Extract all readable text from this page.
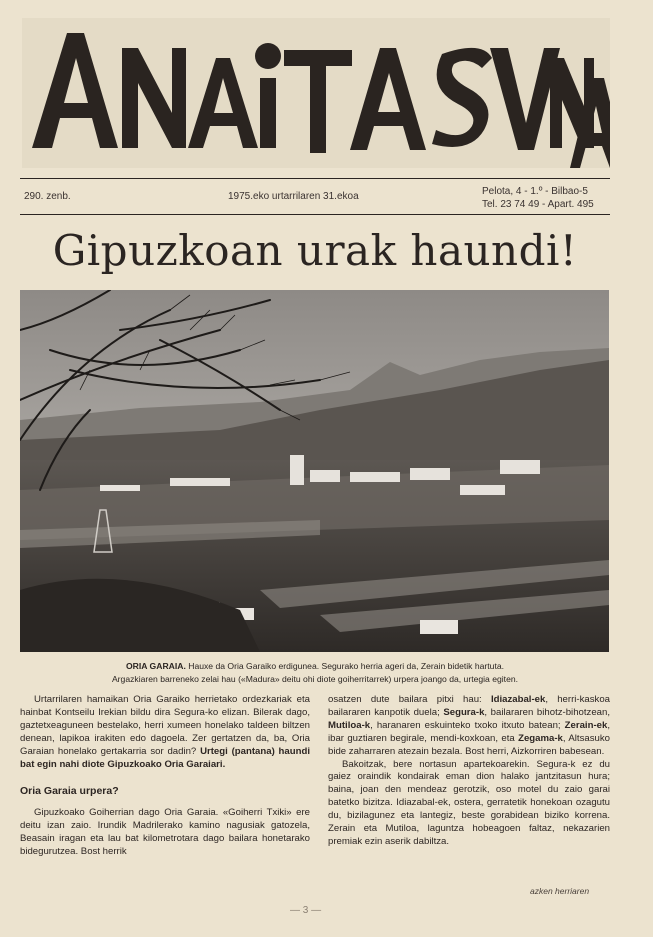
290. zenb.	1975.eko urtarrilaren 31.ekoa	Pelota, 4 - 1.º - Bilbao-5
Tel. 23 74 49 - Apart. 495
Gipuzkoan urak haundi!
ORIA GARAIA. Hauxe da Oria Garaiko erdigunea. Segurako herria ageri da, Zerain bidetik hartuta.
Argazkiaren barreneko zelai hau («Madura» deitu ohi diote goiherritarrek) urpera joango da, urtegia egiten.

Urtarrilaren hamaikan Oria Garaiko herrietako ordezkariak eta hainbat Kontseilu Irekian bildu dira Segura-ko elizan. Bilerak dago, gaztetxeaguneen bestelako, herri xumeen honelako taldeen biltzen denean, lapikoa irakiten edo dagoela. Zer gertatzen da, ba, Oria Garaian honelako gertakarria sor dadin? Urtegi (pantana) haundi bat egin nahi diote Gipuzkoako Oria Garaiari.

Oria Garaia urpera?

Gipuzkoako Goiherrian dago Oria Garaia. «Goiherri Txiki» ere deitu izan zaio. Irundik Madrilerako kamino nagusiak gatozela, Beasain iragan eta lau bat kilometrotara dago bailara honetarako bidegurutzea. Bost herrik

osatzen dute bailara pitxi hau: Idiazabal-ek, herri-kaskoa bailararen kanpotik duela; Segura-k, bailararen bihotz-bihotzean, Mutiloa-k, haranaren eskuinteko txoko itxuto batean; Zerain-ek, ibar guztiaren begirale, mendi-koxkoan, eta Zegama-k, Altsasuko bide zaharraren atezain bezala. Bost herri, Aizkorriren babesean.

Bakoitzak, bere nortasun apartekoarekin. Segura-k ez du gaiez oraindik kondairak eman dion halako jantzitasun hura; baina, joan den mendeaz gerotzik, oso motel du zaio garai batetko bizitza. Idiazabal-ek, ostera, gerratetik honekoan ozagutu du, bizilagunez eta lantegiz, beste gorabidean biziko korrena. Zerain eta Mutiloa, laguntza hobeagoen faltaz, nekazarien premiak ezin aserik dabiltza.

azken herriaren
— 3 —
